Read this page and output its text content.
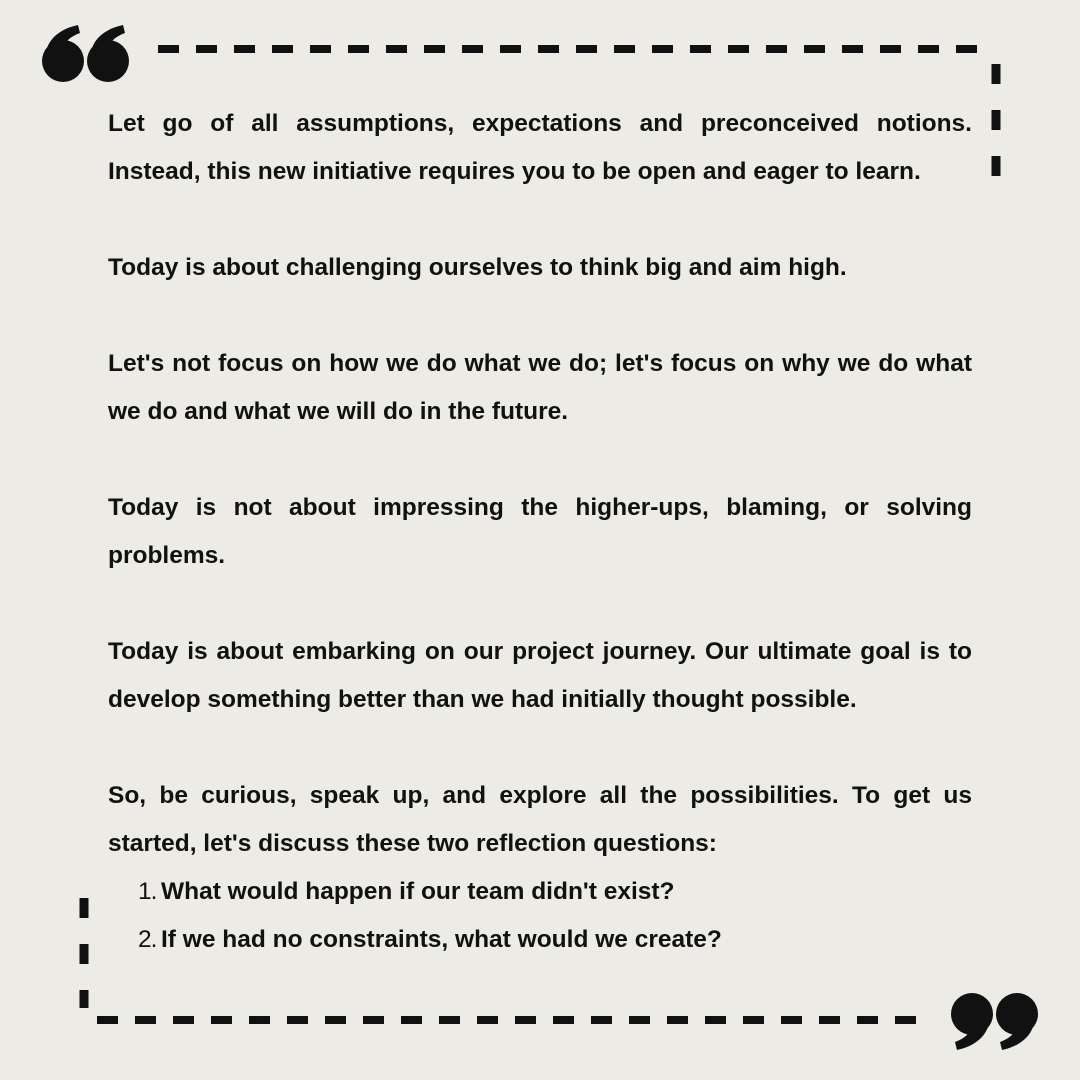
Let go of all assumptions, expectations and preconceived notions. Instead, this new initiative requires you to be open and eager to learn.

Today is about challenging ourselves to think big and aim high.

Let's not focus on how we do what we do; let's focus on why we do what we do and what we will do in the future.

Today is not about impressing the higher-ups, blaming, or solving problems.

Today is about embarking on our project journey. Our ultimate goal is to develop something better than we had initially thought possible.

So, be curious, speak up, and explore all the possibilities. To get us started, let's discuss these two reflection questions:

1. What would happen if our team didn't exist?
2. If we had no constraints, what would we create?
